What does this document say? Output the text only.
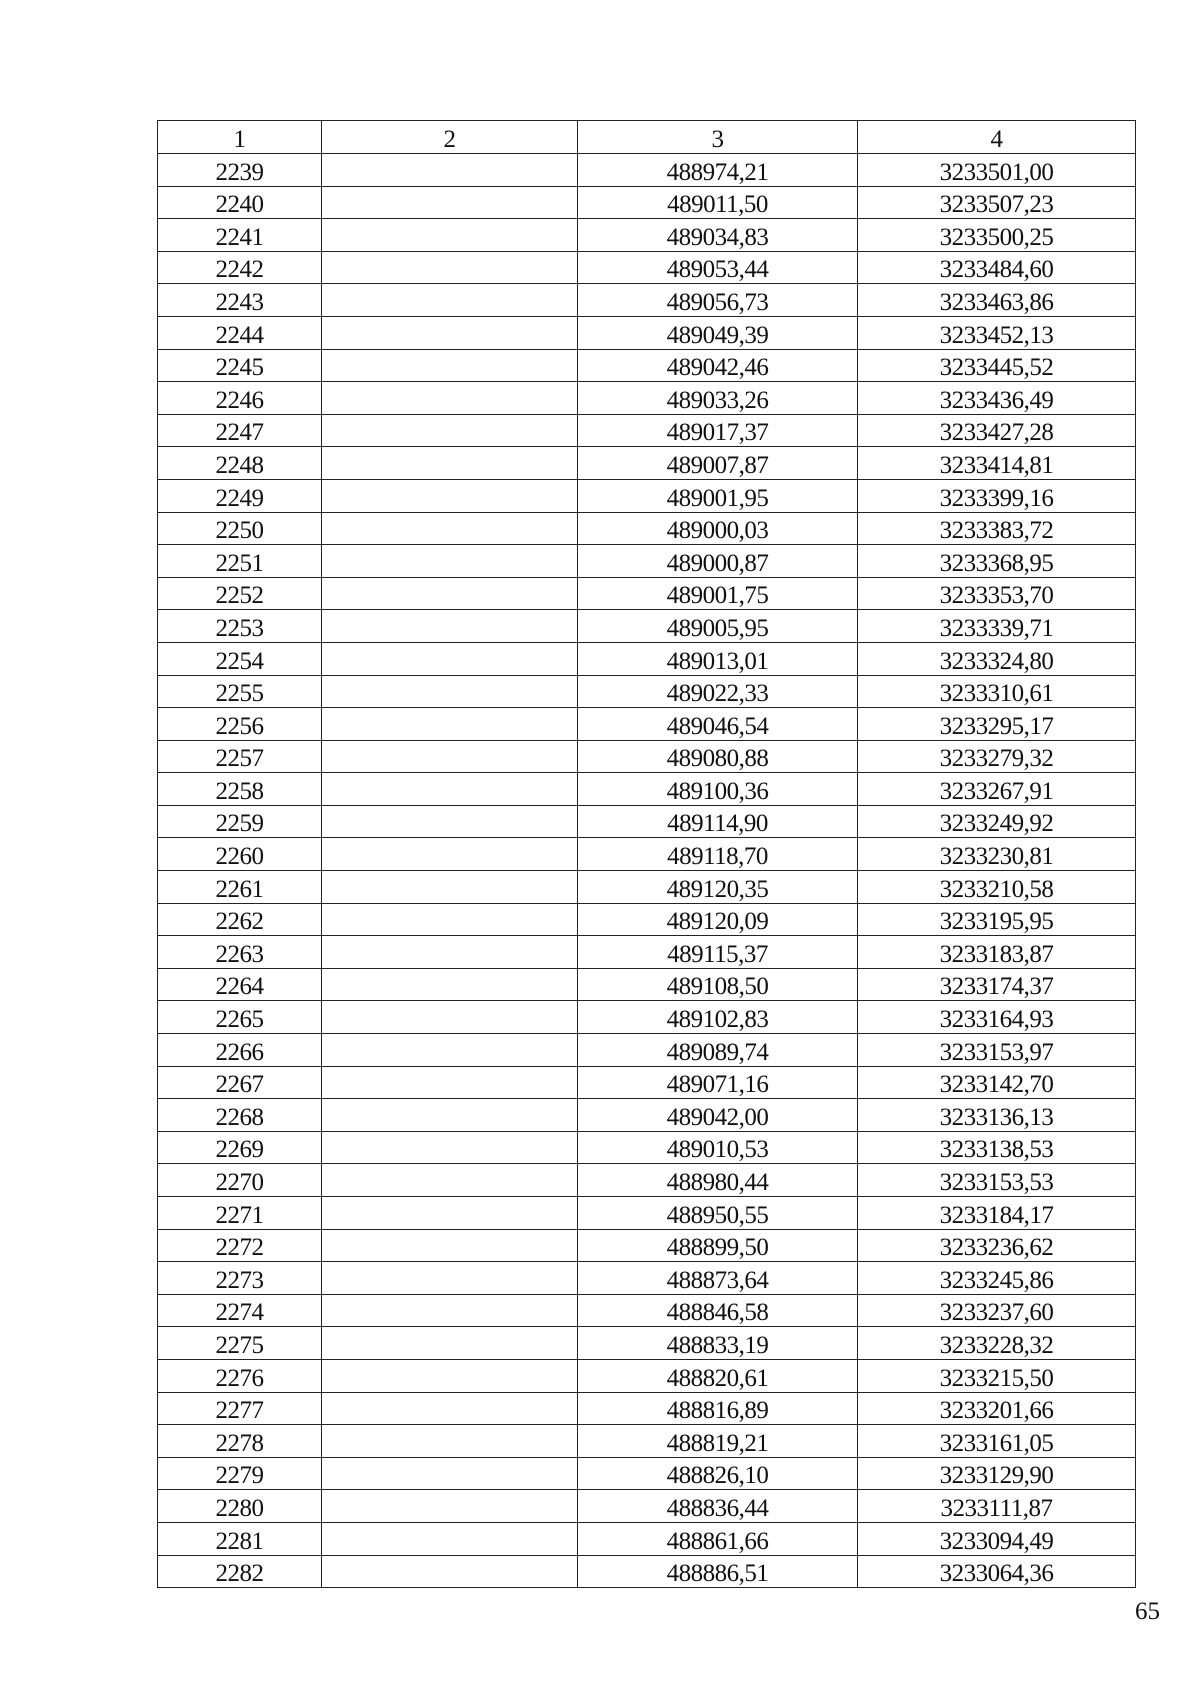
1	2	3	4
2239		488974,21	3233501,00
2240		489011,50	3233507,23
2241		489034,83	3233500,25
2242		489053,44	3233484,60
2243		489056,73	3233463,86
2244		489049,39	3233452,13
2245		489042,46	3233445,52
2246		489033,26	3233436,49
2247		489017,37	3233427,28
2248		489007,87	3233414,81
2249		489001,95	3233399,16
2250		489000,03	3233383,72
2251		489000,87	3233368,95
2252		489001,75	3233353,70
2253		489005,95	3233339,71
2254		489013,01	3233324,80
2255		489022,33	3233310,61
2256		489046,54	3233295,17
2257		489080,88	3233279,32
2258		489100,36	3233267,91
2259		489114,90	3233249,92
2260		489118,70	3233230,81
2261		489120,35	3233210,58
2262		489120,09	3233195,95
2263		489115,37	3233183,87
2264		489108,50	3233174,37
2265		489102,83	3233164,93
2266		489089,74	3233153,97
2267		489071,16	3233142,70
2268		489042,00	3233136,13
2269		489010,53	3233138,53
2270		488980,44	3233153,53
2271		488950,55	3233184,17
2272		488899,50	3233236,62
2273		488873,64	3233245,86
2274		488846,58	3233237,60
2275		488833,19	3233228,32
2276		488820,61	3233215,50
2277		488816,89	3233201,66
2278		488819,21	3233161,05
2279		488826,10	3233129,90
2280		488836,44	3233111,87
2281		488861,66	3233094,49
2282		488886,51	3233064,36
65
